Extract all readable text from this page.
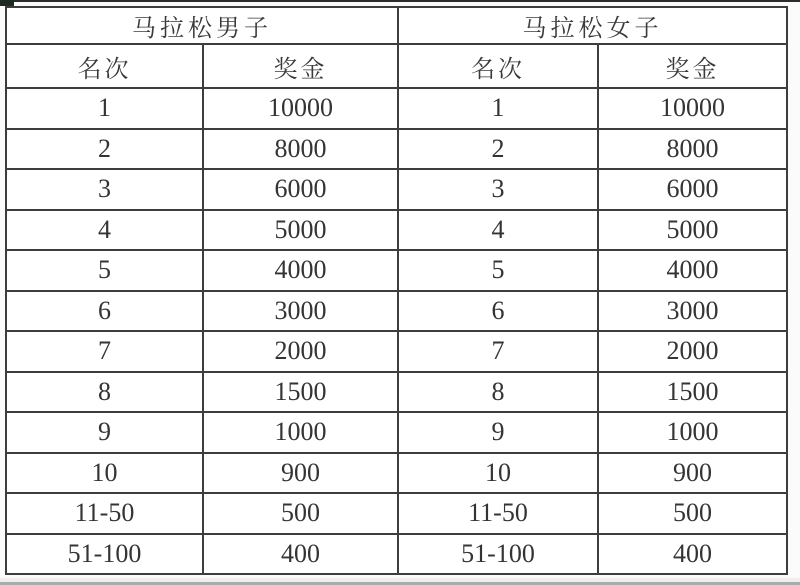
马拉松男子		马拉松女子	
名次	奖金	名次	奖金
1	10000	1	10000
2	8000	2	8000
3	6000	3	6000
4	5000	4	5000
5	4000	5	4000
6	3000	6	3000
7	2000	7	2000
8	1500	8	1500
9	1000	9	1000
10	900	10	900
11-50	500	11-50	500
51-100	400	51-100	400
